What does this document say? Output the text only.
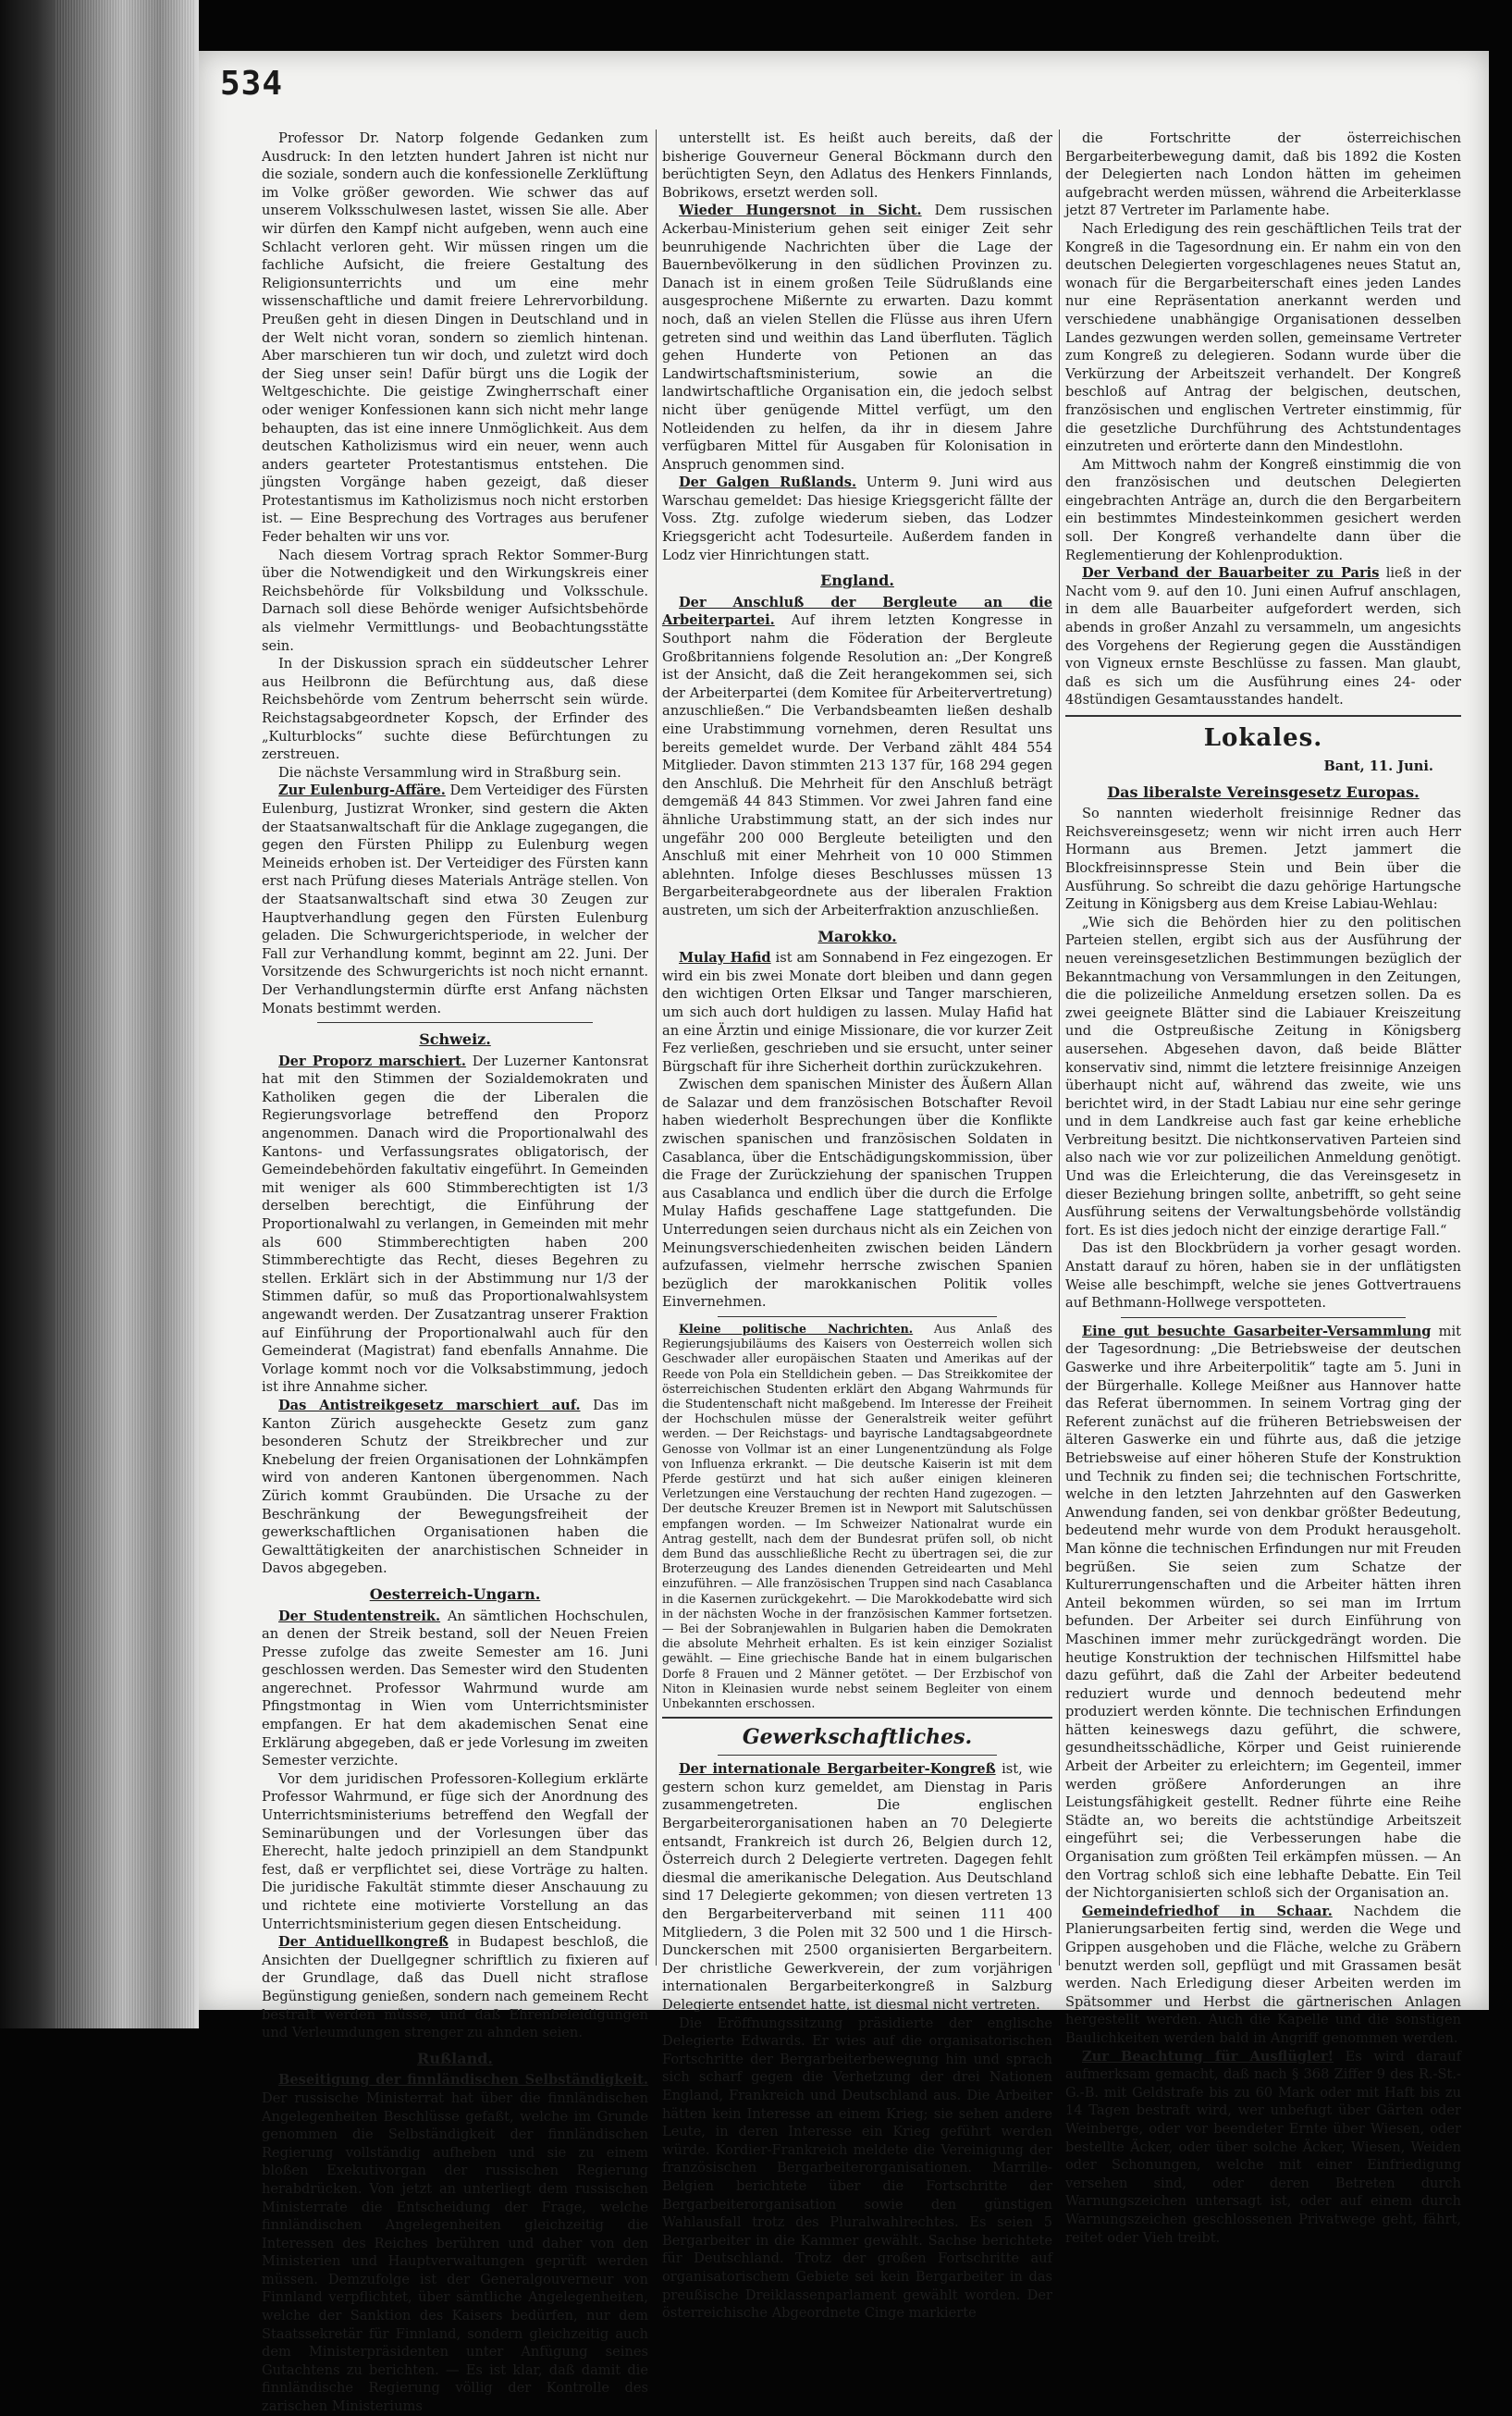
534

Professor Dr. Natorp folgende Gedanken zum Ausdruck: In den letzten hundert Jahren ist nicht nur die soziale, sondern auch die konfessionelle Zerklüftung im Volke größer geworden. Wie schwer das auf unserem Volksschulwesen lastet, wissen Sie alle. Aber wir dürfen den Kampf nicht aufgeben, wenn auch eine Schlacht verloren geht. Wir müssen ringen um die fachliche Aufsicht, die freiere Gestaltung des Religionsunterrichts und um eine mehr wissenschaftliche und damit freiere Lehrervorbildung. Preußen geht in diesen Dingen in Deutschland und in der Welt nicht voran, sondern so ziemlich hintenan. Aber marschieren tun wir doch, und zuletzt wird doch der Sieg unser sein! Dafür bürgt uns die Logik der Weltgeschichte. Die geistige Zwingherrschaft einer oder weniger Konfessionen kann sich nicht mehr lange behaupten, das ist eine innere Unmöglichkeit. Aus dem deutschen Katholizismus wird ein neuer, wenn auch anders gearteter Protestantismus entstehen. Die jüngsten Vorgänge haben gezeigt, daß dieser Protestantismus im Katholizismus noch nicht erstorben ist. — Eine Besprechung des Vortrages aus berufener Feder behalten wir uns vor.

Nach diesem Vortrag sprach Rektor Sommer-Burg über die Notwendigkeit und den Wirkungskreis einer Reichsbehörde für Volksbildung und Volksschule. Darnach soll diese Behörde weniger Aufsichtsbehörde als vielmehr Vermittlungs- und Beobachtungsstätte sein.

In der Diskussion sprach ein süddeutscher Lehrer aus Heilbronn die Befürchtung aus, daß diese Reichsbehörde vom Zentrum beherrscht sein würde. Reichstagsabgeordneter Kopsch, der Erfinder des „Kulturblocks“ suchte diese Befürchtungen zu zerstreuen.

Die nächste Versammlung wird in Straßburg sein.

Zur Eulenburg-Affäre. Dem Verteidiger des Fürsten Eulenburg, Justizrat Wronker, sind gestern die Akten der Staatsanwaltschaft für die Anklage zugegangen, die gegen den Fürsten Philipp zu Eulenburg wegen Meineids erhoben ist. Der Verteidiger des Fürsten kann erst nach Prüfung dieses Materials Anträge stellen. Von der Staatsanwaltschaft sind etwa 30 Zeugen zur Hauptverhandlung gegen den Fürsten Eulenburg geladen. Die Schwurgerichtsperiode, in welcher der Fall zur Verhandlung kommt, beginnt am 22. Juni. Der Vorsitzende des Schwurgerichts ist noch nicht ernannt. Der Verhandlungstermin dürfte erst Anfang nächsten Monats bestimmt werden.

Schweiz.

Der Proporz marschiert. Der Luzerner Kantonsrat hat mit den Stimmen der Sozialdemokraten und Katholiken gegen die der Liberalen die Regierungsvorlage betreffend den Proporz angenommen. Danach wird die Proportionalwahl des Kantons- und Verfassungsrates obligatorisch, der Gemeindebehörden fakultativ eingeführt. In Gemeinden mit weniger als 600 Stimmberechtigten ist 1/3 derselben berechtigt, die Einführung der Proportionalwahl zu verlangen, in Gemeinden mit mehr als 600 Stimmberechtigten haben 200 Stimmberechtigte das Recht, dieses Begehren zu stellen. Erklärt sich in der Abstimmung nur 1/3 der Stimmen dafür, so muß das Proportionalwahlsystem angewandt werden. Der Zusatzantrag unserer Fraktion auf Einführung der Proportionalwahl auch für den Gemeinderat (Magistrat) fand ebenfalls Annahme. Die Vorlage kommt noch vor die Volksabstimmung, jedoch ist ihre Annahme sicher.

Das Antistreikgesetz marschiert auf. Das im Kanton Zürich ausgeheckte Gesetz zum ganz besonderen Schutz der Streikbrecher und zur Knebelung der freien Organisationen der Lohnkämpfen wird von anderen Kantonen übergenommen. Nach Zürich kommt Graubünden. Die Ursache zu der Beschränkung der Bewegungsfreiheit der gewerkschaftlichen Organisationen haben die Gewalttätigkeiten der anarchistischen Schneider in Davos abgegeben.

Oesterreich-Ungarn.

Der Studentenstreik. An sämtlichen Hochschulen, an denen der Streik bestand, soll der Neuen Freien Presse zufolge das zweite Semester am 16. Juni geschlossen werden. Das Semester wird den Studenten angerechnet. Professor Wahrmund wurde am Pfingstmontag in Wien vom Unterrichtsminister empfangen. Er hat dem akademischen Senat eine Erklärung abgegeben, daß er jede Vorlesung im zweiten Semester verzichte.

Vor dem juridischen Professoren-Kollegium erklärte Professor Wahrmund, er füge sich der Anordnung des Unterrichtsministeriums betreffend den Wegfall der Seminarübungen und der Vorlesungen über das Eherecht, halte jedoch prinzipiell an dem Standpunkt fest, daß er verpflichtet sei, diese Vorträge zu halten. Die juridische Fakultät stimmte dieser Anschauung zu und richtete eine motivierte Vorstellung an das Unterrichtsministerium gegen diesen Entscheidung.

Der Antiduellkongreß in Budapest beschloß, die Ansichten der Duellgegner schriftlich zu fixieren auf der Grundlage, daß das Duell nicht straflose Begünstigung genießen, sondern nach gemeinem Recht bestraft werden müsse, und daß Ehrenbeleidigungen und Verleumdungen strenger zu ahnden seien.

Rußland.

Beseitigung der finnländischen Selbständigkeit. Der russische Ministerrat hat über die finnländischen Angelegenheiten Beschlüsse gefaßt, welche im Grunde genommen die Selbständigkeit der finnländischen Regierung vollständig aufheben und sie zu einem bloßen Exekutivorgan der russischen Regierung herabdrücken. Von jetzt an unterliegt dem russischen Ministerrate die Entscheidung der Frage, welche finnländischen Angelegenheiten gleichzeitig die Interessen des Reiches berühren und daher von den Ministerien und Hauptverwaltungen geprüft werden müssen. Demzufolge ist der Generalgouverneur von Finnland verpflichtet, über sämtliche Angelegenheiten, welche der Sanktion des Kaisers bedürfen, nur dem Staatssekretär für Finnland, sondern gleichzeitig auch dem Ministerpräsidenten unter Anfügung seines Gutachtens zu berichten. — Es ist klar, daß damit die finnländische Regierung völlig der Kontrolle des zarischen Ministeriums

unterstellt ist. Es heißt auch bereits, daß der bisherige Gouverneur General Böckmann durch den berüchtigten Seyn, den Adlatus des Henkers Finnlands, Bobrikows, ersetzt werden soll.

Wieder Hungersnot in Sicht. Dem russischen Ackerbau-Ministerium gehen seit einiger Zeit sehr beunruhigende Nachrichten über die Lage der Bauernbevölkerung in den südlichen Provinzen zu. Danach ist in einem großen Teile Südrußlands eine ausgesprochene Mißernte zu erwarten. Dazu kommt noch, daß an vielen Stellen die Flüsse aus ihren Ufern getreten sind und weithin das Land überfluten. Täglich gehen Hunderte von Petionen an das Landwirtschaftsministerium, sowie an die landwirtschaftliche Organisation ein, die jedoch selbst nicht über genügende Mittel verfügt, um den Notleidenden zu helfen, da ihr in diesem Jahre verfügbaren Mittel für Ausgaben für Kolonisation in Anspruch genommen sind.

Der Galgen Rußlands. Unterm 9. Juni wird aus Warschau gemeldet: Das hiesige Kriegsgericht fällte der Voss. Ztg. zufolge wiederum sieben, das Lodzer Kriegsgericht acht Todesurteile. Außerdem fanden in Lodz vier Hinrichtungen statt.

England.

Der Anschluß der Bergleute an die Arbeiterpartei. Auf ihrem letzten Kongresse in Southport nahm die Föderation der Bergleute Großbritanniens folgende Resolution an: „Der Kongreß ist der Ansicht, daß die Zeit herangekommen sei, sich der Arbeiterpartei (dem Komitee für Arbeitervertretung) anzuschließen.“ Die Verbandsbeamten ließen deshalb eine Urabstimmung vornehmen, deren Resultat uns bereits gemeldet wurde. Der Verband zählt 484 554 Mitglieder. Davon stimmten 213 137 für, 168 294 gegen den Anschluß. Die Mehrheit für den Anschluß beträgt demgemäß 44 843 Stimmen. Vor zwei Jahren fand eine ähnliche Urabstimmung statt, an der sich indes nur ungefähr 200 000 Bergleute beteiligten und den Anschluß mit einer Mehrheit von 10 000 Stimmen ablehnten. Infolge dieses Beschlusses müssen 13 Bergarbeiterabgeordnete aus der liberalen Fraktion austreten, um sich der Arbeiterfraktion anzuschließen.

Marokko.

Mulay Hafid ist am Sonnabend in Fez eingezogen. Er wird ein bis zwei Monate dort bleiben und dann gegen den wichtigen Orten Elksar und Tanger marschieren, um sich auch dort huldigen zu lassen. Mulay Hafid hat an eine Ärztin und einige Missionare, die vor kurzer Zeit Fez verließen, geschrieben und sie ersucht, unter seiner Bürgschaft für ihre Sicherheit dorthin zurückzukehren.

Zwischen dem spanischen Minister des Äußern Allan de Salazar und dem französischen Botschafter Revoil haben wiederholt Besprechungen über die Konflikte zwischen spanischen und französischen Soldaten in Casablanca, über die Entschädigungskommission, über die Frage der Zurückziehung der spanischen Truppen aus Casablanca und endlich über die durch die Erfolge Mulay Hafids geschaffene Lage stattgefunden. Die Unterredungen seien durchaus nicht als ein Zeichen von Meinungsverschiedenheiten zwischen beiden Ländern aufzufassen, vielmehr herrsche zwischen Spanien bezüglich der marokkanischen Politik volles Einvernehmen.

Kleine politische Nachrichten. Aus Anlaß des Regierungsjubiläums des Kaisers von Oesterreich wollen sich Geschwader aller europäischen Staaten und Amerikas auf der Reede von Pola ein Stelldichein geben. — Das Streikkomitee der österreichischen Studenten erklärt den Abgang Wahrmunds für die Studentenschaft nicht maßgebend. Im Interesse der Freiheit der Hochschulen müsse der Generalstreik weiter geführt werden. — Der Reichstags- und bayrische Landtagsabgeordnete Genosse von Vollmar ist an einer Lungenentzündung als Folge von Influenza erkrankt. — Die deutsche Kaiserin ist mit dem Pferde gestürzt und hat sich außer einigen kleineren Verletzungen eine Verstauchung der rechten Hand zugezogen. — Der deutsche Kreuzer Bremen ist in Newport mit Salutschüssen empfangen worden. — Im Schweizer Nationalrat wurde ein Antrag gestellt, nach dem der Bundesrat prüfen soll, ob nicht dem Bund das ausschließliche Recht zu übertragen sei, die zur Broterzeugung des Landes dienenden Getreidearten und Mehl einzuführen. — Alle französischen Truppen sind nach Casablanca in die Kasernen zurückgekehrt. — Die Marokkodebatte wird sich in der nächsten Woche in der französischen Kammer fortsetzen. — Bei der Sobranjewahlen in Bulgarien haben die Demokraten die absolute Mehrheit erhalten. Es ist kein einziger Sozialist gewählt. — Eine griechische Bande hat in einem bulgarischen Dorfe 8 Frauen und 2 Männer getötet. — Der Erzbischof von Niton in Kleinasien wurde nebst seinem Begleiter von einem Unbekannten erschossen.

Gewerkschaftliches.

Der internationale Bergarbeiter-Kongreß ist, wie gestern schon kurz gemeldet, am Dienstag in Paris zusammengetreten. Die englischen Bergarbeiterorganisationen haben an 70 Delegierte entsandt, Frankreich ist durch 26, Belgien durch 12, Österreich durch 2 Delegierte vertreten. Dagegen fehlt diesmal die amerikanische Delegation. Aus Deutschland sind 17 Delegierte gekommen; von diesen vertreten 13 den Bergarbeiterverband mit seinen 111 400 Mitgliedern, 3 die Polen mit 32 500 und 1 die Hirsch-Dunckerschen mit 2500 organisierten Bergarbeitern. Der christliche Gewerkverein, der zum vorjährigen internationalen Bergarbeiterkongreß in Salzburg Delegierte entsendet hatte, ist diesmal nicht vertreten.

Die Eröffnungssitzung präsidierte der englische Delegierte Edwards. Er wies auf die organisatorischen Fortschritte der Bergarbeiterbewegung hin und sprach sich scharf gegen die Verhetzung der drei Nationen England, Frankreich und Deutschland aus. Die Arbeiter hätten kein Interesse an einem Krieg; sie sehen andere Leute, in deren Interesse ein Krieg geführt werden würde. Kordier-Frankreich meldete die Vereinigung der französischen Bergarbeiterorganisationen. Marrille-Belgien berichtete über die Fortschritte der Bergarbeiterorganisation sowie den günstigen Wahlausfall trotz des Pluralwahlrechtes. Es seien 5 Bergarbeiter in die Kammer gewählt. Sachse berichtete für Deutschland. Trotz der großen Fortschritte auf organisatorischem Gebiete sei kein Bergarbeiter in das preußische Dreiklassenparlament gewählt worden. Der österreichische Abgeordnete Cinge markierte

die Fortschritte der österreichischen Bergarbeiterbewegung damit, daß bis 1892 die Kosten der Delegierten nach London hätten im geheimen aufgebracht werden müssen, während die Arbeiterklasse jetzt 87 Vertreter im Parlamente habe.

Nach Erledigung des rein geschäftlichen Teils trat der Kongreß in die Tagesordnung ein. Er nahm ein von den deutschen Delegierten vorgeschlagenes neues Statut an, wonach für die Bergarbeiterschaft eines jeden Landes nur eine Repräsentation anerkannt werden und verschiedene unabhängige Organisationen desselben Landes gezwungen werden sollen, gemeinsame Vertreter zum Kongreß zu delegieren. Sodann wurde über die Verkürzung der Arbeitszeit verhandelt. Der Kongreß beschloß auf Antrag der belgischen, deutschen, französischen und englischen Vertreter einstimmig, für die gesetzliche Durchführung des Achtstundentages einzutreten und erörterte dann den Mindestlohn.

Am Mittwoch nahm der Kongreß einstimmig die von den französischen und deutschen Delegierten eingebrachten Anträge an, durch die den Bergarbeitern ein bestimmtes Mindesteinkommen gesichert werden soll. Der Kongreß verhandelte dann über die Reglementierung der Kohlenproduktion.

Der Verband der Bauarbeiter zu Paris ließ in der Nacht vom 9. auf den 10. Juni einen Aufruf anschlagen, in dem alle Bauarbeiter aufgefordert werden, sich abends in großer Anzahl zu versammeln, um angesichts des Vorgehens der Regierung gegen die Ausständigen von Vigneux ernste Beschlüsse zu fassen. Man glaubt, daß es sich um die Ausführung eines 24- oder 48stündigen Gesamtausstandes handelt.

Lokales.

Bant, 11. Juni.

Das liberalste Vereinsgesetz Europas.

So nannten wiederholt freisinnige Redner das Reichsvereinsgesetz; wenn wir nicht irren auch Herr Hormann aus Bremen. Jetzt jammert die Blockfreisinnspresse Stein und Bein über die Ausführung. So schreibt die dazu gehörige Hartungsche Zeitung in Königsberg aus dem Kreise Labiau-Wehlau:

„Wie sich die Behörden hier zu den politischen Parteien stellen, ergibt sich aus der Ausführung der neuen vereinsgesetzlichen Bestimmungen bezüglich der Bekanntmachung von Versammlungen in den Zeitungen, die die polizeiliche Anmeldung ersetzen sollen. Da es zwei geeignete Blätter sind die Labiauer Kreiszeitung und die Ostpreußische Zeitung in Königsberg ausersehen. Abgesehen davon, daß beide Blätter konservativ sind, nimmt die letztere freisinnige Anzeigen überhaupt nicht auf, während das zweite, wie uns berichtet wird, in der Stadt Labiau nur eine sehr geringe und in dem Landkreise auch fast gar keine erhebliche Verbreitung besitzt. Die nichtkonservativen Parteien sind also nach wie vor zur polizeilichen Anmeldung genötigt. Und was die Erleichterung, die das Vereinsgesetz in dieser Beziehung bringen sollte, anbetrifft, so geht seine Ausführung seitens der Verwaltungsbehörde vollständig fort. Es ist dies jedoch nicht der einzige derartige Fall.“

Das ist den Blockbrüdern ja vorher gesagt worden. Anstatt darauf zu hören, haben sie in der unflätigsten Weise alle beschimpft, welche sie jenes Gottvertrauens auf Bethmann-Hollwege verspotteten.

Eine gut besuchte Gasarbeiter-Versammlung mit der Tagesordnung: „Die Betriebsweise der deutschen Gaswerke und ihre Arbeiterpolitik“ tagte am 5. Juni in der Bürgerhalle. Kollege Meißner aus Hannover hatte das Referat übernommen. In seinem Vortrag ging der Referent zunächst auf die früheren Betriebsweisen der älteren Gaswerke ein und führte aus, daß die jetzige Betriebsweise auf einer höheren Stufe der Konstruktion und Technik zu finden sei; die technischen Fortschritte, welche in den letzten Jahrzehnten auf den Gaswerken Anwendung fanden, sei von denkbar größter Bedeutung, bedeutend mehr wurde von dem Produkt herausgeholt. Man könne die technischen Erfindungen nur mit Freuden begrüßen. Sie seien zum Schatze der Kulturerrungenschaften und die Arbeiter hätten ihren Anteil bekommen würden, so sei man im Irrtum befunden. Der Arbeiter sei durch Einführung von Maschinen immer mehr zurückgedrängt worden. Die heutige Konstruktion der technischen Hilfsmittel habe dazu geführt, daß die Zahl der Arbeiter bedeutend reduziert wurde und dennoch bedeutend mehr produziert werden könnte. Die technischen Erfindungen hätten keineswegs dazu geführt, die schwere, gesundheitsschädliche, Körper und Geist ruinierende Arbeit der Arbeiter zu erleichtern; im Gegenteil, immer werden größere Anforderungen an ihre Leistungsfähigkeit gestellt. Redner führte eine Reihe Städte an, wo bereits die achtstündige Arbeitszeit eingeführt sei; die Verbesserungen habe die Organisation zum größten Teil erkämpfen müssen. — An den Vortrag schloß sich eine lebhafte Debatte. Ein Teil der Nichtorganisierten schloß sich der Organisation an.

Gemeindefriedhof in Schaar. Nachdem die Planierungsarbeiten fertig sind, werden die Wege und Grippen ausgehoben und die Fläche, welche zu Gräbern benutzt werden soll, gepflügt und mit Grassamen besät werden. Nach Erledigung dieser Arbeiten werden im Spätsommer und Herbst die gärtnerischen Anlagen hergestellt werden. Auch die Kapelle und die sonstigen Baulichkeiten werden bald in Angriff genommen werden.

Zur Beachtung für Ausflügler! Es wird darauf aufmerksam gemacht, daß nach § 368 Ziffer 9 des R.-St.-G.-B. mit Geldstrafe bis zu 60 Mark oder mit Haft bis zu 14 Tagen bestraft wird, wer unbefugt über Gärten oder Weinberge, oder vor beendeter Ernte über Wiesen, oder bestellte Äcker, oder über solche Äcker, Wiesen, Weiden oder Schonungen, welche mit einer Einfriedigung versehen sind, oder deren Betreten durch Warnungszeichen untersagt ist, oder auf einem durch Warnungszeichen geschlossenen Privatwege geht, fährt, reitet oder Vieh treibt.
